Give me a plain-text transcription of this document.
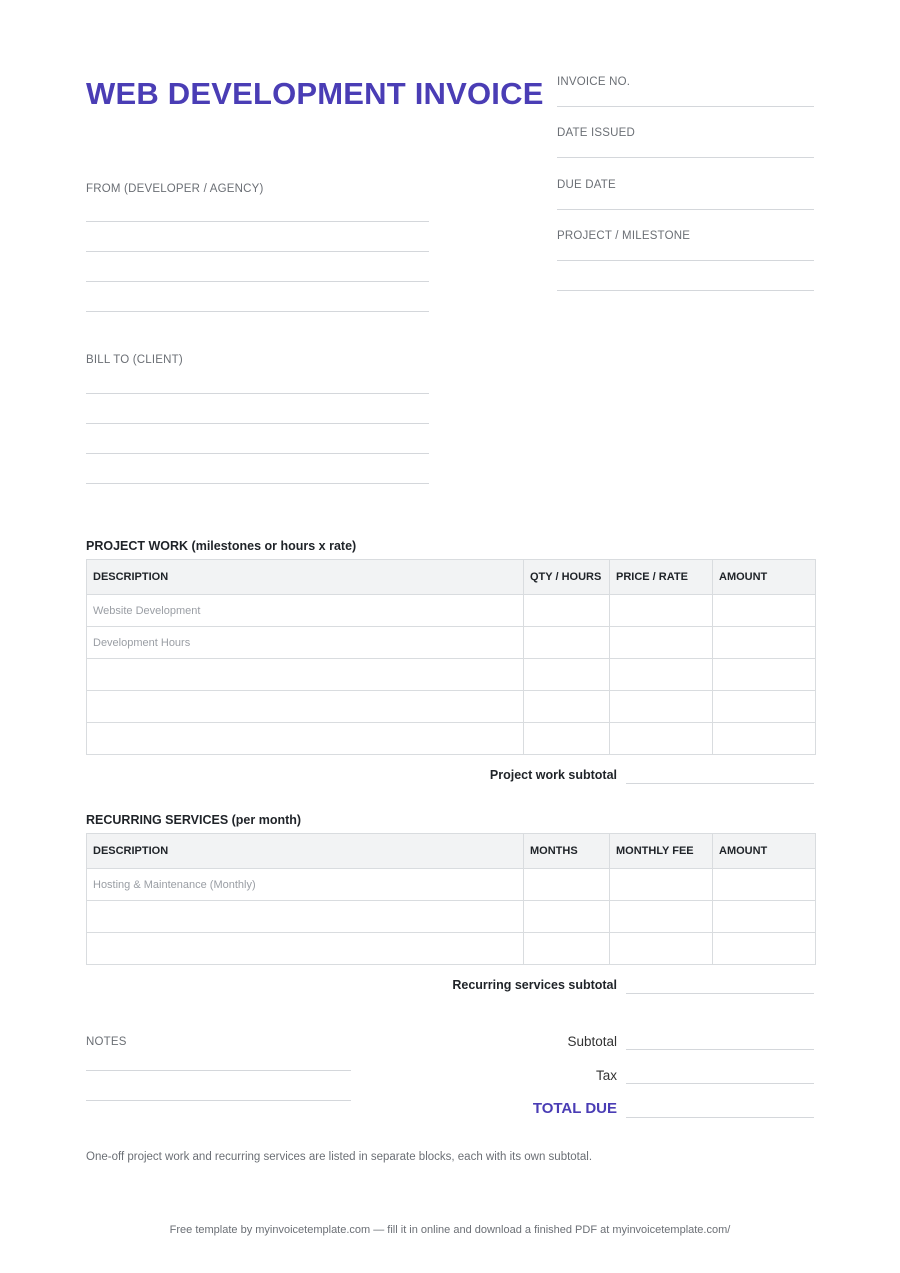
WEB DEVELOPMENT INVOICE INVOICE NO.
DATE ISSUED
DUE DATE
PROJECT / MILESTONE
FROM (DEVELOPER / AGENCY)
BILL TO (CLIENT)
PROJECT WORK (milestones or hours x rate)
DESCRIPTION	QTY / HOURS	PRICE / RATE	AMOUNT
Website Development			
Development Hours			

Project work subtotal
RECURRING SERVICES (per month)
DESCRIPTION	MONTHS	MONTHLY FEE	AMOUNT
Hosting & Maintenance (Monthly)			

Recurring services subtotal
NOTES	Subtotal
Tax
TOTAL DUE
One-off project work and recurring services are listed in separate blocks, each with its own subtotal.
Free template by myinvoicetemplate.com — fill it in online and download a finished PDF at myinvoicetemplate.com/
